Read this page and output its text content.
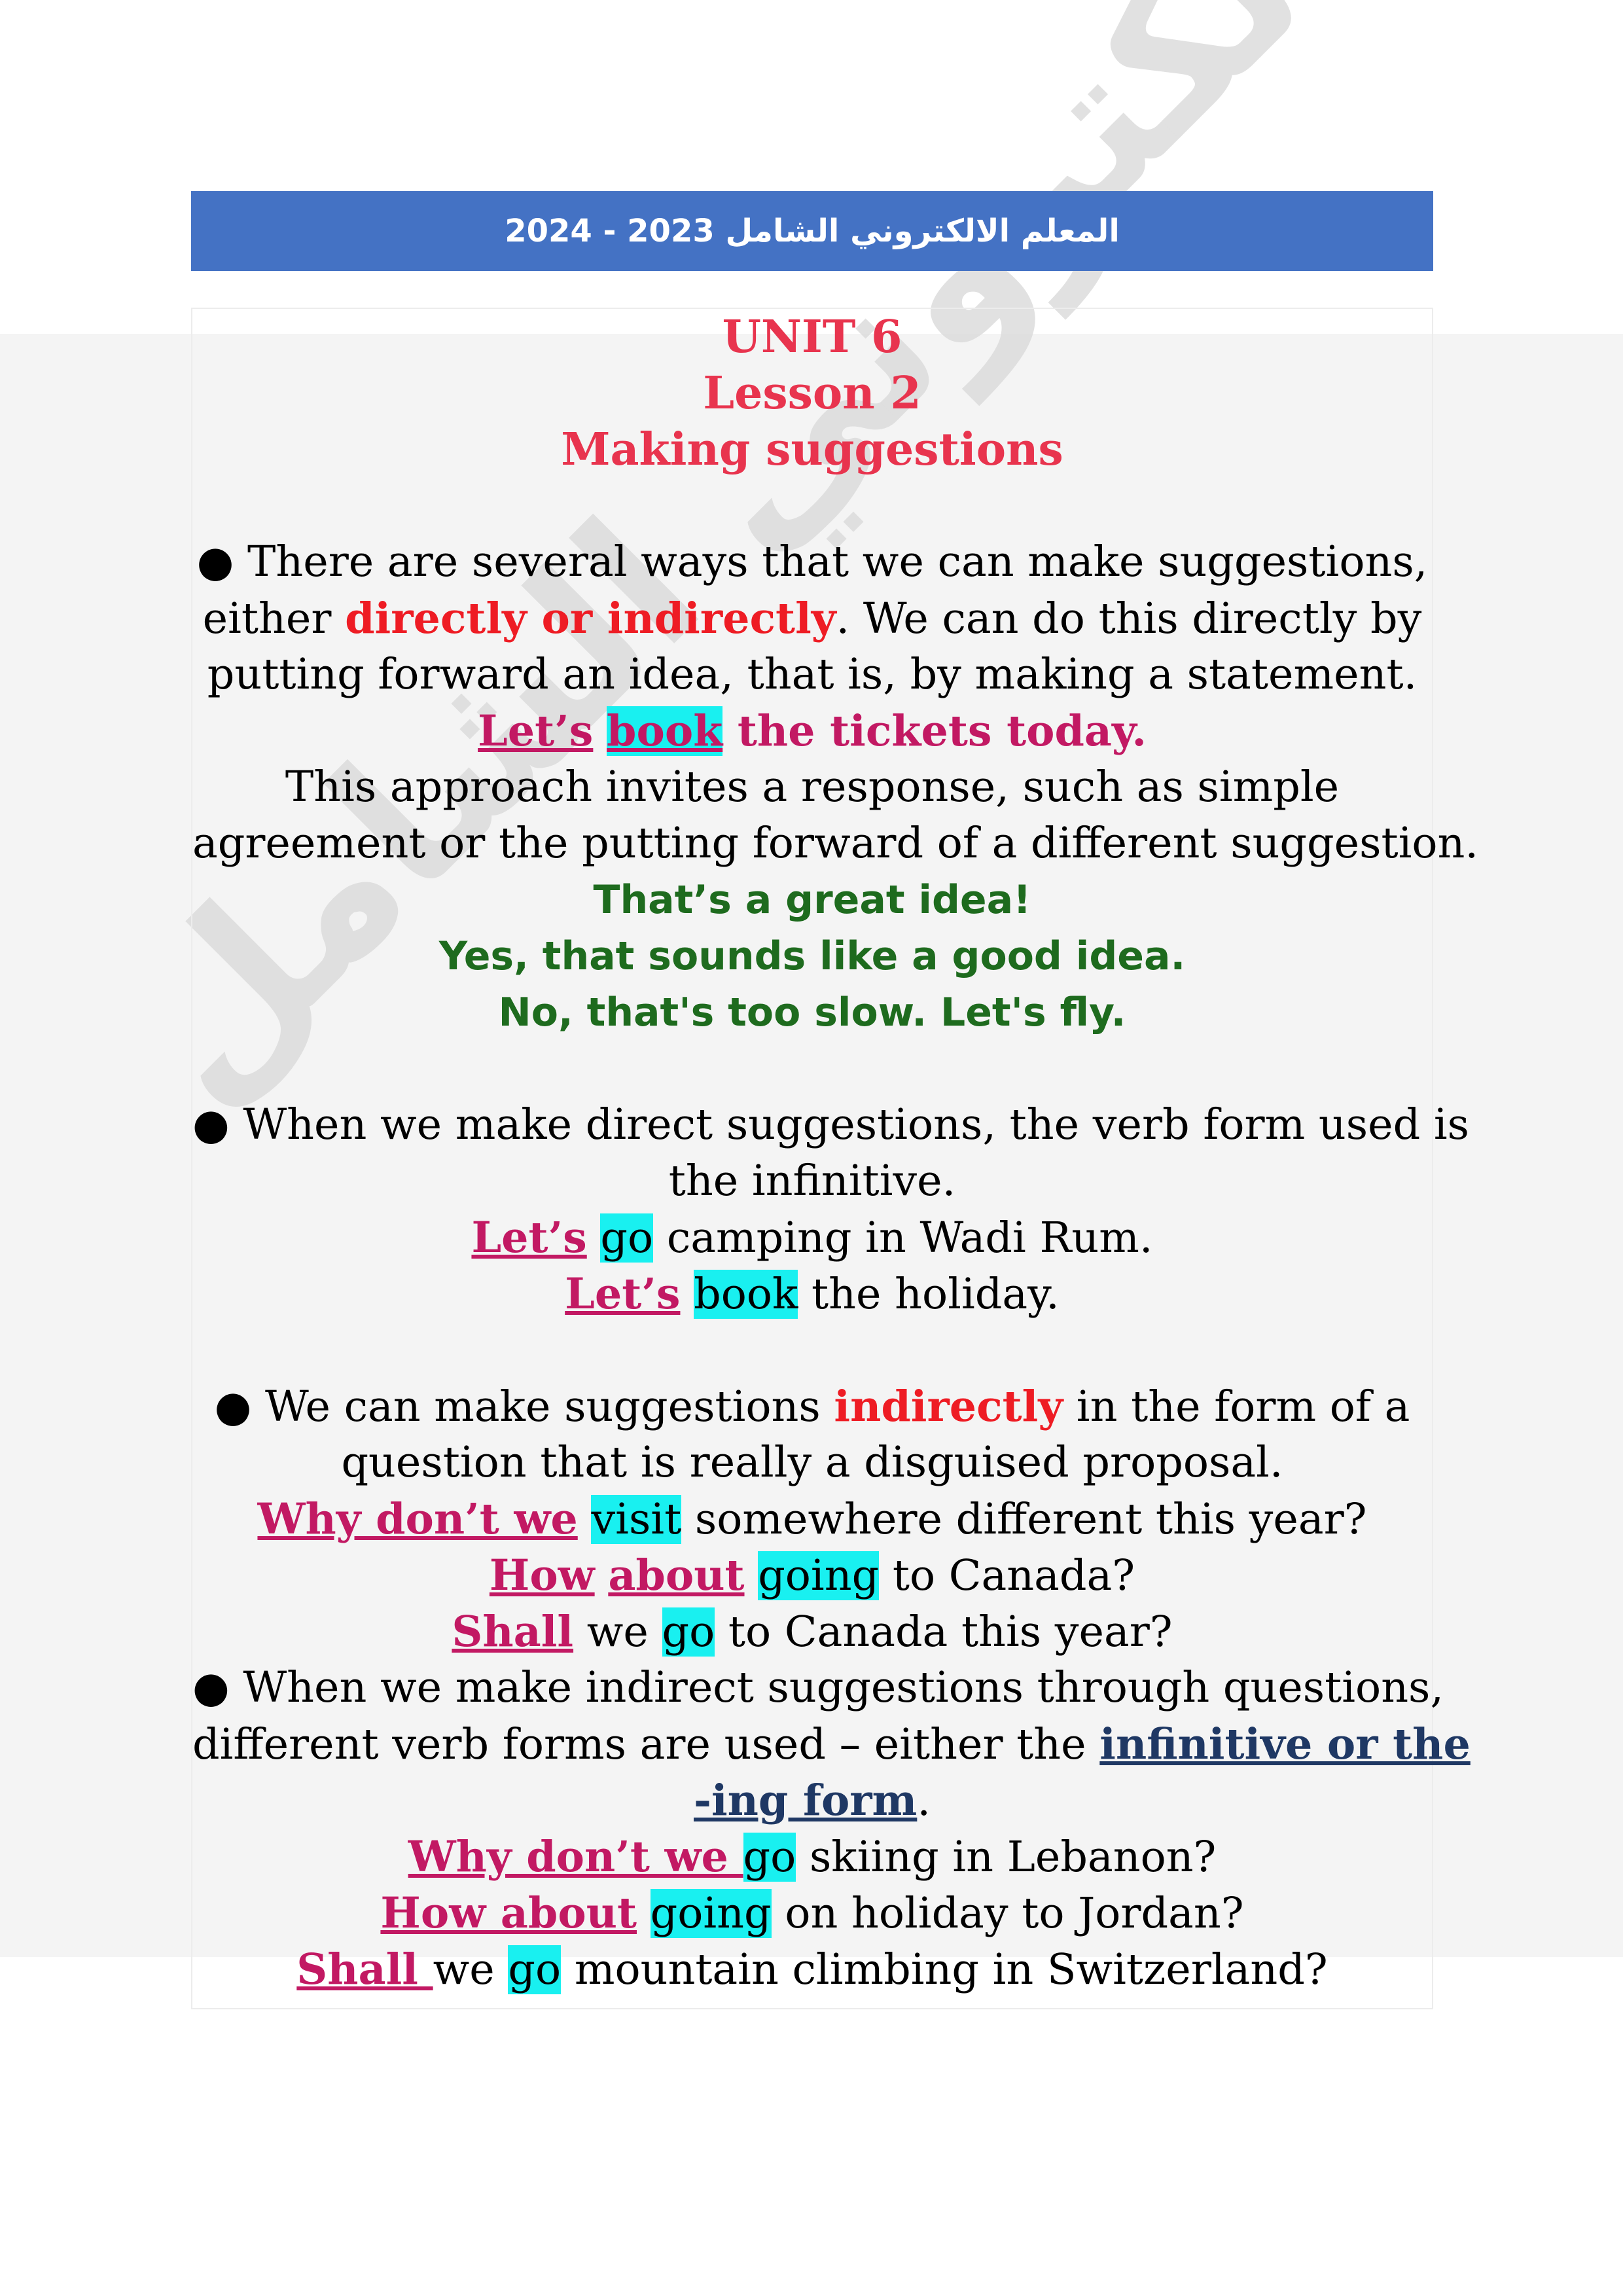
المعلم الالكتروني الشامل 2023 - 2024
UNIT 6
Lesson 2
Making suggestions
● There are several ways that we can make suggestions,
either directly or indirectly. We can do this directly by
putting forward an idea, that is, by making a statement.
Let’s book the tickets today.
This approach invites a response, such as simple
agreement or the putting forward of a different suggestion.
That’s a great idea!
Yes, that sounds like a good idea.
No, that's too slow. Let's fly.
● When we make direct suggestions, the verb form used is
the infinitive.
Let’s go camping in Wadi Rum.
Let’s book the holiday.
● We can make suggestions indirectly in the form of a
question that is really a disguised proposal.
Why don’t we visit somewhere different this year?
How about going to Canada?
Shall we go to Canada this year?
● When we make indirect suggestions through questions,
different verb forms are used – either the infinitive or the
-ing form.
Why don’t we go skiing in Lebanon?
How about going on holiday to Jordan?
Shall we go mountain climbing in Switzerland?
